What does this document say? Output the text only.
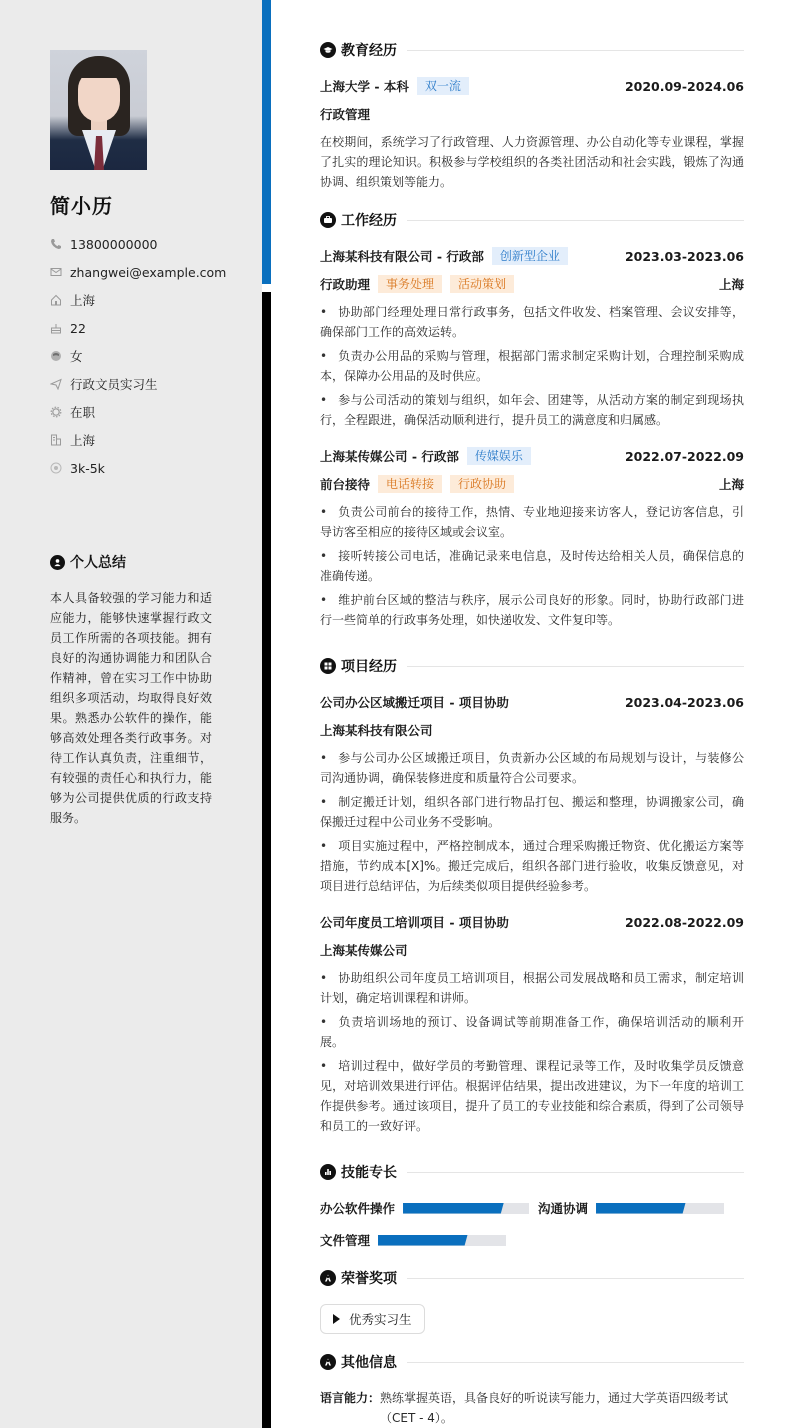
简小历
13800000000
zhangwei@example.com
上海
22
女
行政文员实习生
在职
上海
3k-5k
个人总结
本人具备较强的学习能力和适应能力，能够快速掌握行政文员工作所需的各项技能。拥有良好的沟通协调能力和团队合作精神，曾在实习工作中协助组织多项活动，均取得良好效果。熟悉办公软件的操作，能够高效处理各类行政事务。对待工作认真负责，注重细节，有较强的责任心和执行力，能够为公司提供优质的行政支持服务。
教育经历
上海大学 - 本科	双一流	2020.09-2024.06
行政管理
在校期间，系统学习了行政管理、人力资源管理、办公自动化等专业课程，掌握了扎实的理论知识。积极参与学校组织的各类社团活动和社会实践，锻炼了沟通协调、组织策划等能力。
工作经历
上海某科技有限公司 - 行政部	创新型企业	2023.03-2023.06
行政助理	事务处理	活动策划	上海
• 协助部门经理处理日常行政事务，包括文件收发、档案管理、会议安排等，确保部门工作的高效运转。
• 负责办公用品的采购与管理，根据部门需求制定采购计划，合理控制采购成本，保障办公用品的及时供应。
• 参与公司活动的策划与组织，如年会、团建等，从活动方案的制定到现场执行，全程跟进，确保活动顺利进行，提升员工的满意度和归属感。
上海某传媒公司 - 行政部	传媒娱乐	2022.07-2022.09
前台接待	电话转接	行政协助	上海
• 负责公司前台的接待工作，热情、专业地迎接来访客人，登记访客信息，引导访客至相应的接待区域或会议室。
• 接听转接公司电话，准确记录来电信息，及时传达给相关人员，确保信息的准确传递。
• 维护前台区域的整洁与秩序，展示公司良好的形象。同时，协助行政部门进行一些简单的行政事务处理，如快递收发、文件复印等。
项目经历
公司办公区域搬迁项目 - 项目协助	2023.04-2023.06
上海某科技有限公司
• 参与公司办公区域搬迁项目，负责新办公区域的布局规划与设计，与装修公司沟通协调，确保装修进度和质量符合公司要求。
• 制定搬迁计划，组织各部门进行物品打包、搬运和整理，协调搬家公司，确保搬迁过程中公司业务不受影响。
• 项目实施过程中，严格控制成本，通过合理采购搬迁物资、优化搬运方案等措施，节约成本[X]%。搬迁完成后，组织各部门进行验收，收集反馈意见，对项目进行总结评估，为后续类似项目提供经验参考。
公司年度员工培训项目 - 项目协助	2022.08-2022.09
上海某传媒公司
• 协助组织公司年度员工培训项目，根据公司发展战略和员工需求，制定培训计划，确定培训课程和讲师。
• 负责培训场地的预订、设备调试等前期准备工作，确保培训活动的顺利开展。
• 培训过程中，做好学员的考勤管理、课程记录等工作，及时收集学员反馈意见，对培训效果进行评估。根据评估结果，提出改进建议，为下一年度的培训工作提供参考。通过该项目，提升了员工的专业技能和综合素质，得到了公司领导和员工的一致好评。
技能专长
办公软件操作	沟通协调
文件管理
荣誉奖项
优秀实习生
其他信息
语言能力： 熟练掌握英语，具备良好的听说读写能力，通过大学英语四级考试（CET - 4）。
